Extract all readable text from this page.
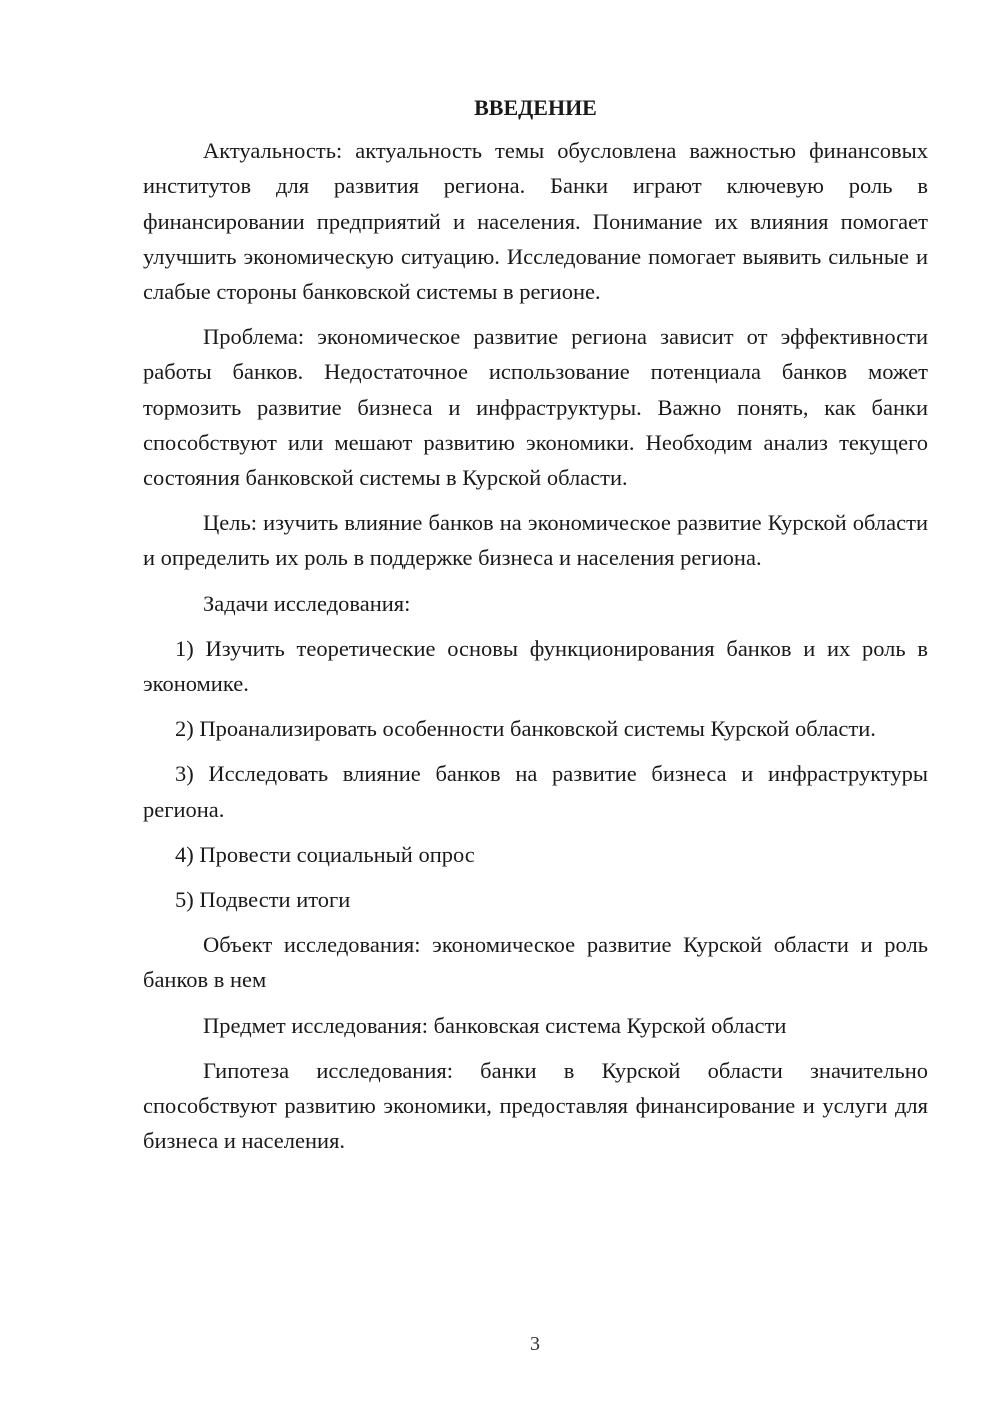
ВВЕДЕНИЕ

Актуальность: актуальность темы обусловлена важностью финансовых институтов для развития региона. Банки играют ключевую роль в финансировании предприятий и населения. Понимание их влияния помогает улучшить экономическую ситуацию. Исследование помогает выявить сильные и слабые стороны банковской системы в регионе.

Проблема: экономическое развитие региона зависит от эффективности работы банков. Недостаточное использование потенциала банков может тормозить развитие бизнеса и инфраструктуры. Важно понять, как банки способствуют или мешают развитию экономики. Необходим анализ текущего состояния банковской системы в Курской области.

Цель: изучить влияние банков на экономическое развитие Курской области и определить их роль в поддержке бизнеса и населения региона.

Задачи исследования:

1) Изучить теоретические основы функционирования банков и их роль в экономике.

2) Проанализировать особенности банковской системы Курской области.

3) Исследовать влияние банков на развитие бизнеса и инфраструктуры региона.

4) Провести социальный опрос

5) Подвести итоги

Объект исследования: экономическое развитие Курской области и роль банков в нем

Предмет исследования: банковская система Курской области

Гипотеза исследования: банки в Курской области значительно способствуют развитию экономики, предоставляя финансирование и услуги для бизнеса и населения.

3
